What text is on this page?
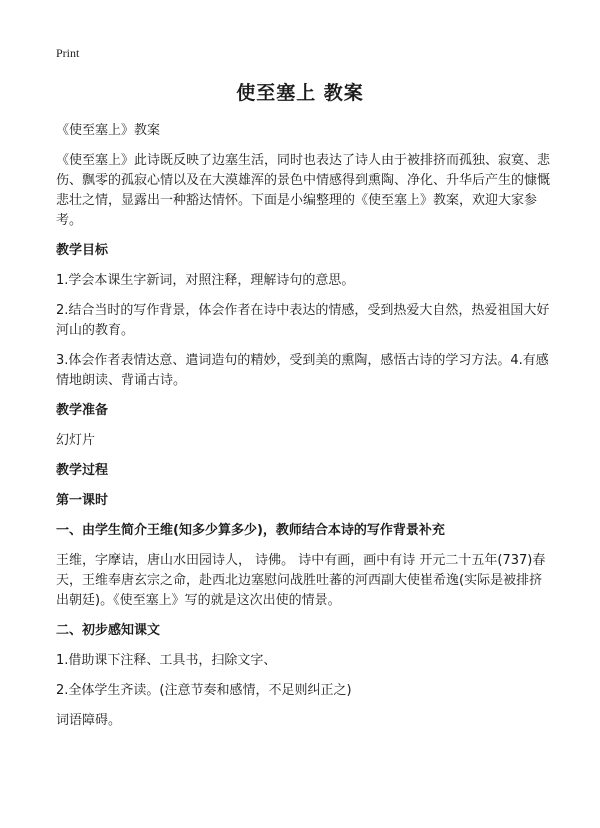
Print
使至塞上 教案

《使至塞上》教案

《使至塞上》此诗既反映了边塞生活，同时也表达了诗人由于被排挤而孤独、寂寞、悲伤、飘零的孤寂心情以及在大漠雄浑的景色中情感得到熏陶、净化、升华后产生的慷慨悲壮之情，显露出一种豁达情怀。下面是小编整理的《使至塞上》教案，欢迎大家参考。

教学目标

1.学会本课生字新词，对照注释，理解诗句的意思。

2.结合当时的写作背景，体会作者在诗中表达的情感，受到热爱大自然，热爱祖国大好河山的教育。

3.体会作者表情达意、遣词造句的精妙，受到美的熏陶，感悟古诗的学习方法。4.有感情地朗读、背诵古诗。

教学准备

幻灯片

教学过程

第一课时

一、由学生简介王维(知多少算多少)，教师结合本诗的写作背景补充

王维，字摩诘，唐山水田园诗人， 诗佛。 诗中有画，画中有诗 开元二十五年(737)春天，王维奉唐玄宗之命，赴西北边塞慰问战胜吐蕃的河西副大使崔希逸(实际是被排挤出朝廷)。《使至塞上》写的就是这次出使的情景。

二、初步感知课文

1.借助课下注释、工具书，扫除文字、

2.全体学生齐读。(注意节奏和感情，不足则纠正之)

词语障碍。
